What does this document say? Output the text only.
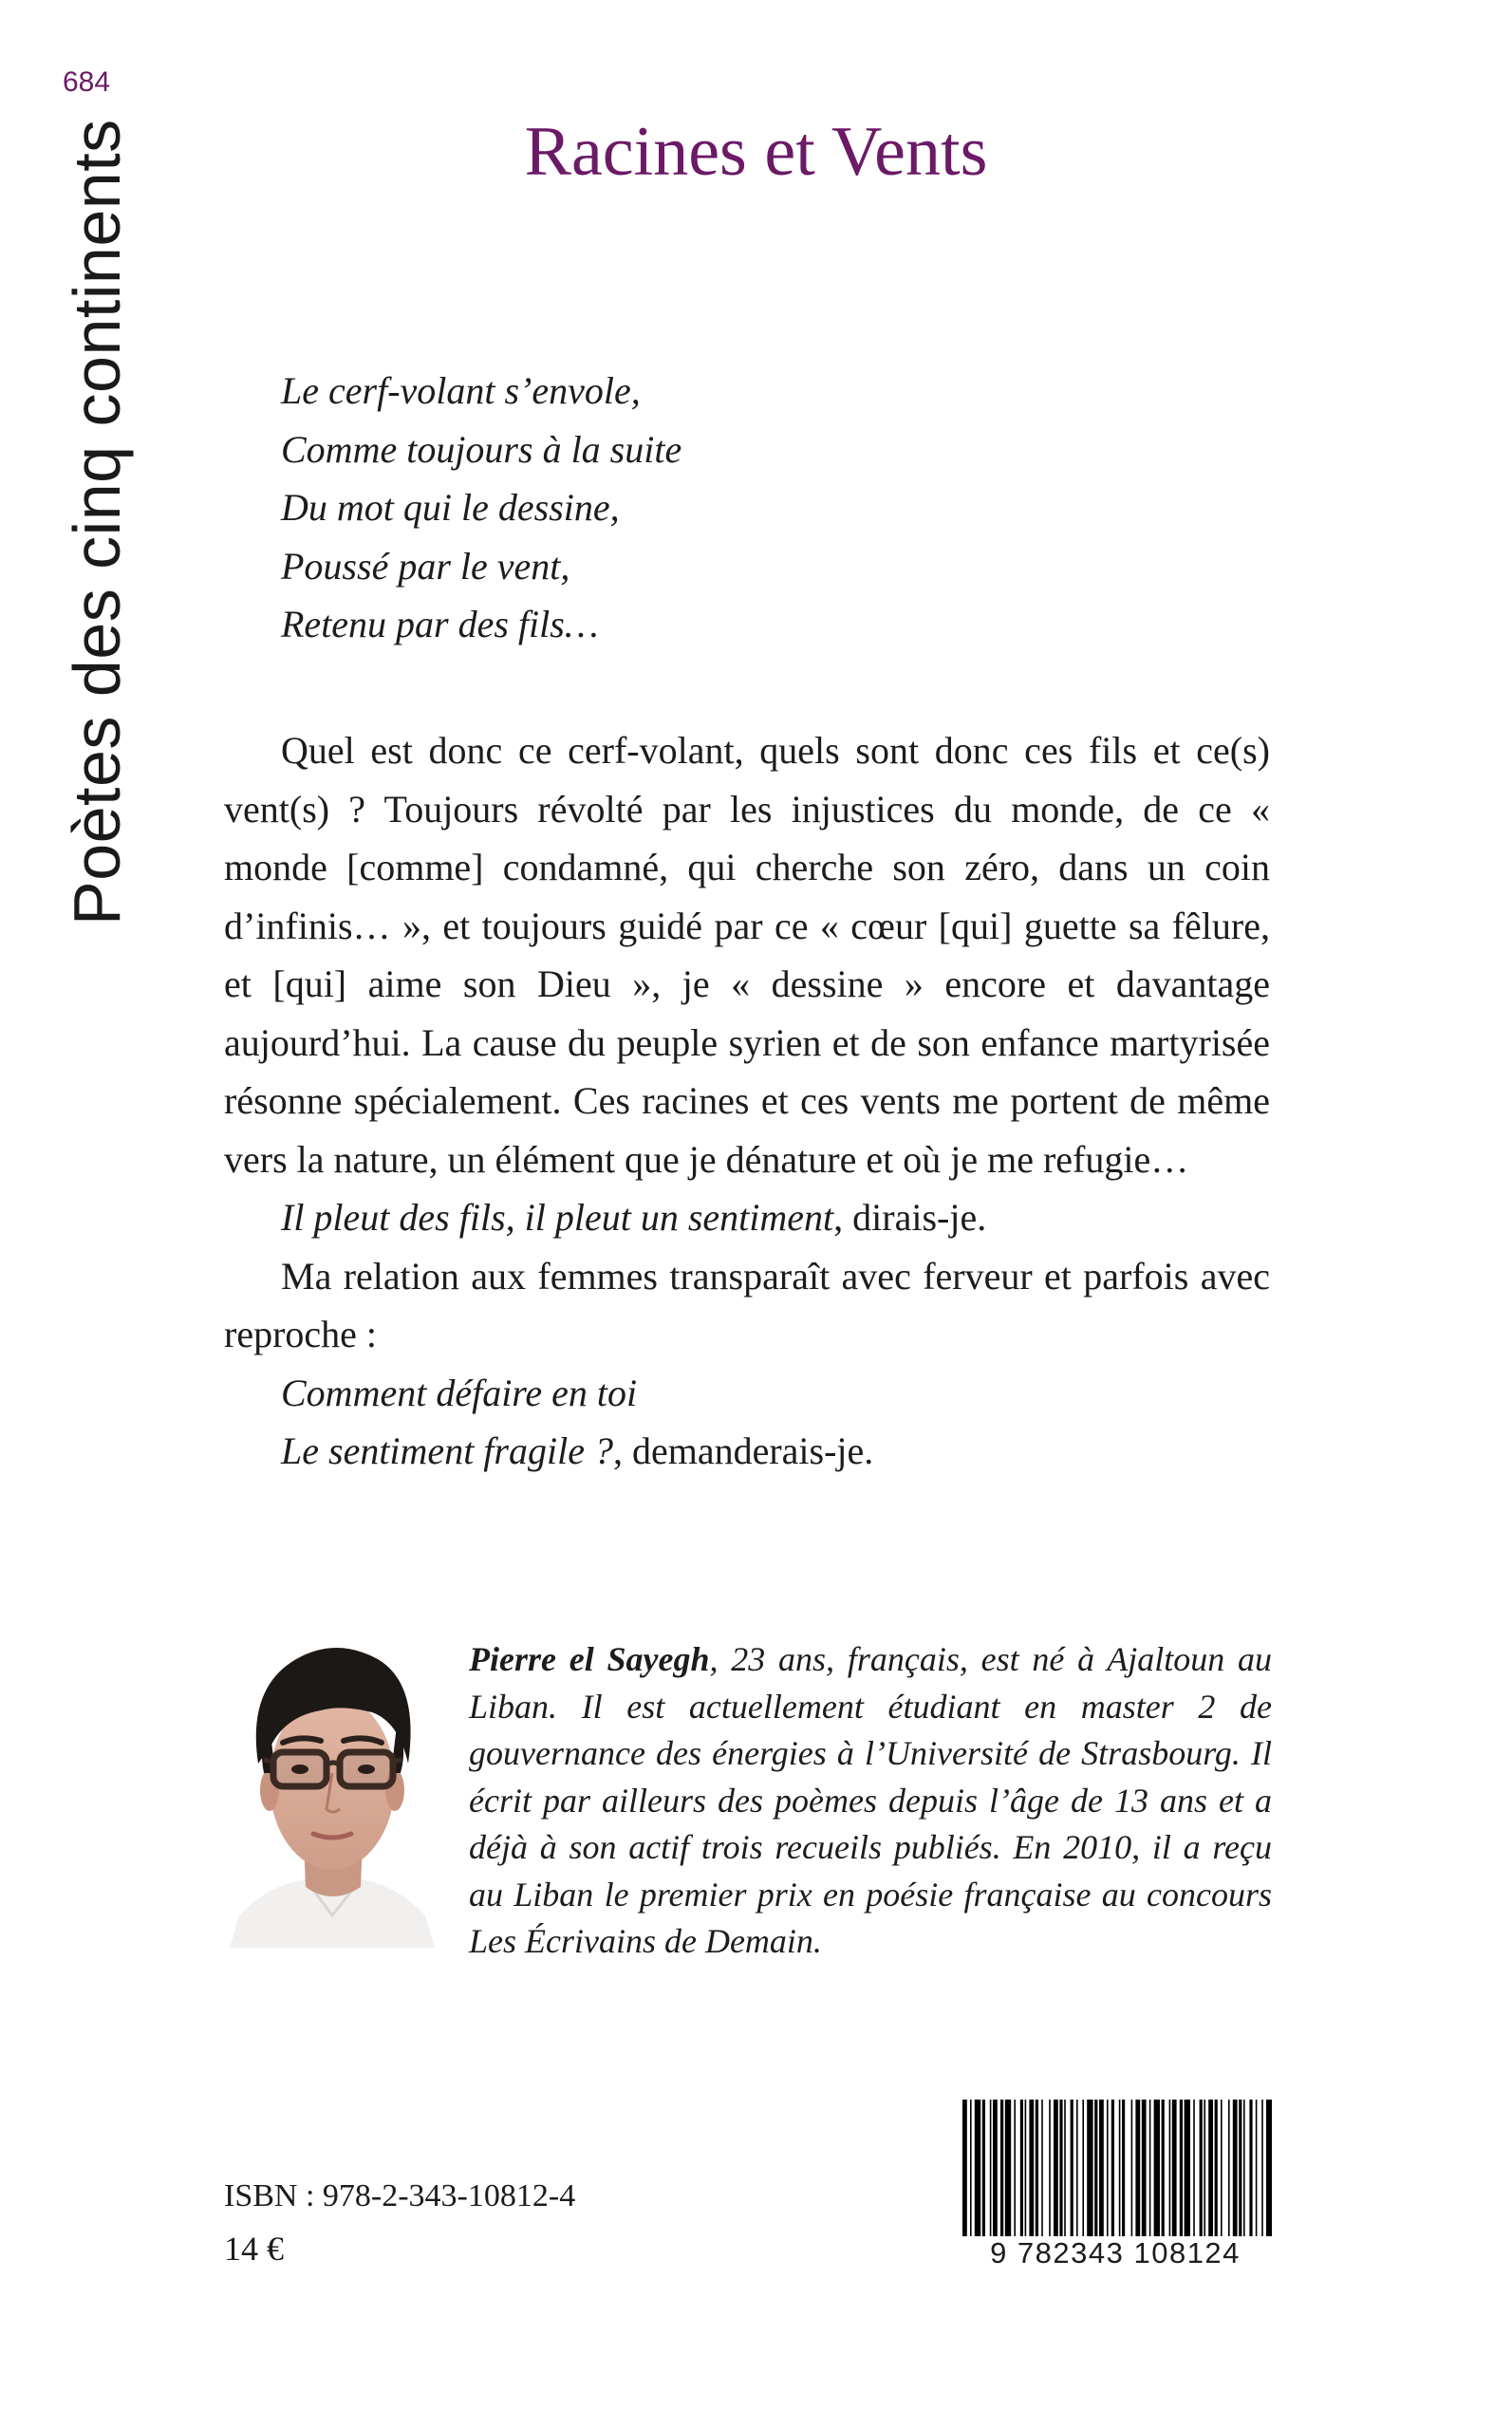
684
Poètes des cinq continents	Racines et Vents
Le cerf-volant s’envole,
Comme toujours à la suite
Du mot qui le dessine,
Poussé par le vent,
Retenu par des fils…

Quel est donc ce cerf-volant, quels sont donc ces fils et ce(s) vent(s) ? Toujours révolté par les injustices du monde, de ce « monde [comme] condamné, qui cherche son zéro, dans un coin d’infinis… », et toujours guidé par ce « cœur [qui] guette sa fêlure, et [qui] aime son Dieu », je « dessine » encore et davantage aujourd’hui. La cause du peuple syrien et de son enfance martyrisée résonne spécialement. Ces racines et ces vents me portent de même vers la nature, un élément que je dénature et où je me refugie…

Il pleut des fils, il pleut un sentiment, dirais-je.

Ma relation aux femmes transparaît avec ferveur et parfois avec reproche :

Comment défaire en toi

Le sentiment fragile ?, demanderais-je.

Pierre el Sayegh, 23 ans, français, est né à Ajaltoun au Liban. Il est actuellement étudiant en master 2 de gouvernance des énergies à l’Université de Strasbourg. Il écrit par ailleurs des poèmes depuis l’âge de 13 ans et a déjà à son actif trois recueils publiés. En 2010, il a reçu au Liban le premier prix en poésie française au concours Les Écrivains de Demain.
ISBN : 978-2-343-10812-4
14 €	9 782343 108124
